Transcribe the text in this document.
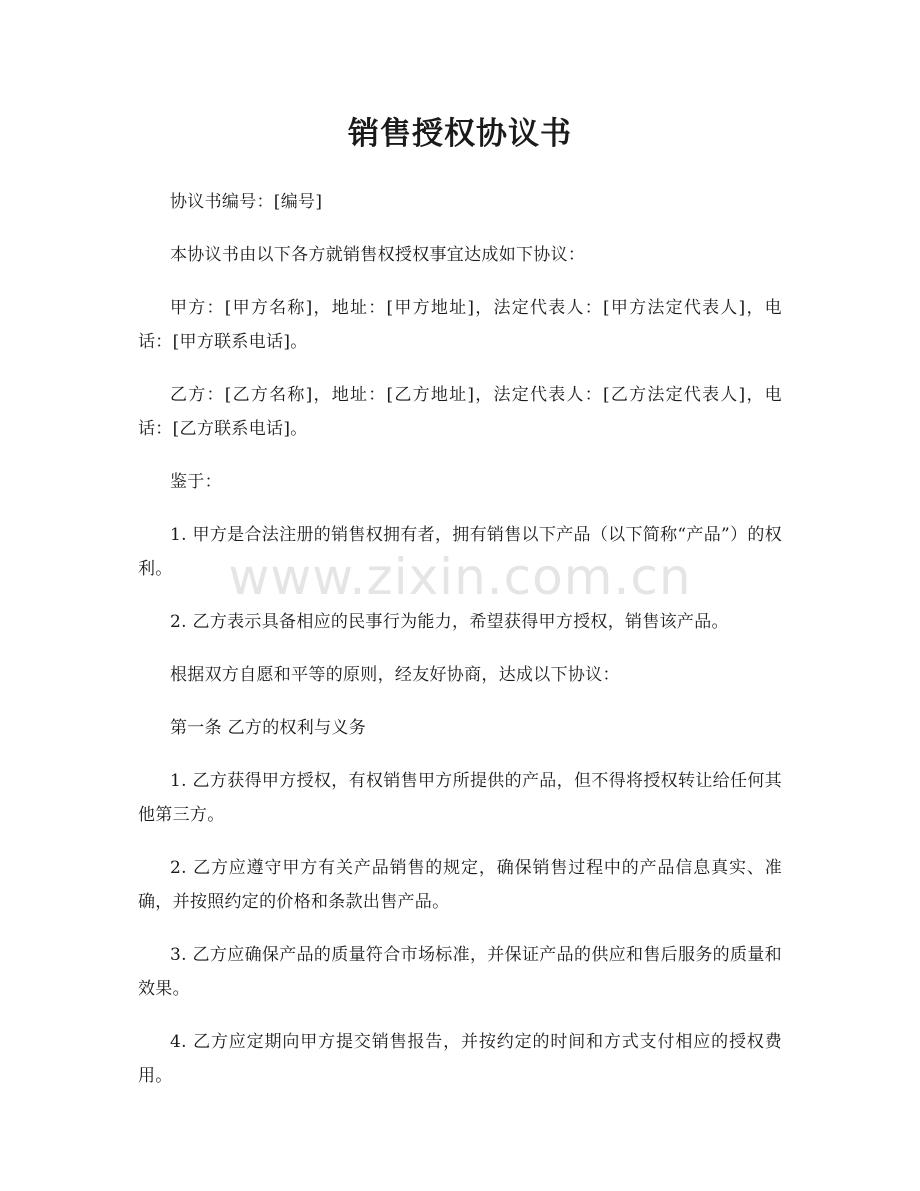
销售授权协议书

协议书编号：[编号]

本协议书由以下各方就销售权授权事宜达成如下协议：

甲方：[甲方名称]，地址：[甲方地址]，法定代表人：[甲方法定代表人]，电话：[甲方联系电话]。

乙方：[乙方名称]，地址：[乙方地址]，法定代表人：[乙方法定代表人]，电话：[乙方联系电话]。

鉴于：

1. 甲方是合法注册的销售权拥有者，拥有销售以下产品（以下简称“产品”）的权利。

2. 乙方表示具备相应的民事行为能力，希望获得甲方授权，销售该产品。

根据双方自愿和平等的原则，经友好协商，达成以下协议：

第一条 乙方的权利与义务

1. 乙方获得甲方授权，有权销售甲方所提供的产品，但不得将授权转让给任何其他第三方。

2. 乙方应遵守甲方有关产品销售的规定，确保销售过程中的产品信息真实、准确，并按照约定的价格和条款出售产品。

3. 乙方应确保产品的质量符合市场标准，并保证产品的供应和售后服务的质量和效果。

4. 乙方应定期向甲方提交销售报告，并按约定的时间和方式支付相应的授权费用。

www.zixin.com.cn
